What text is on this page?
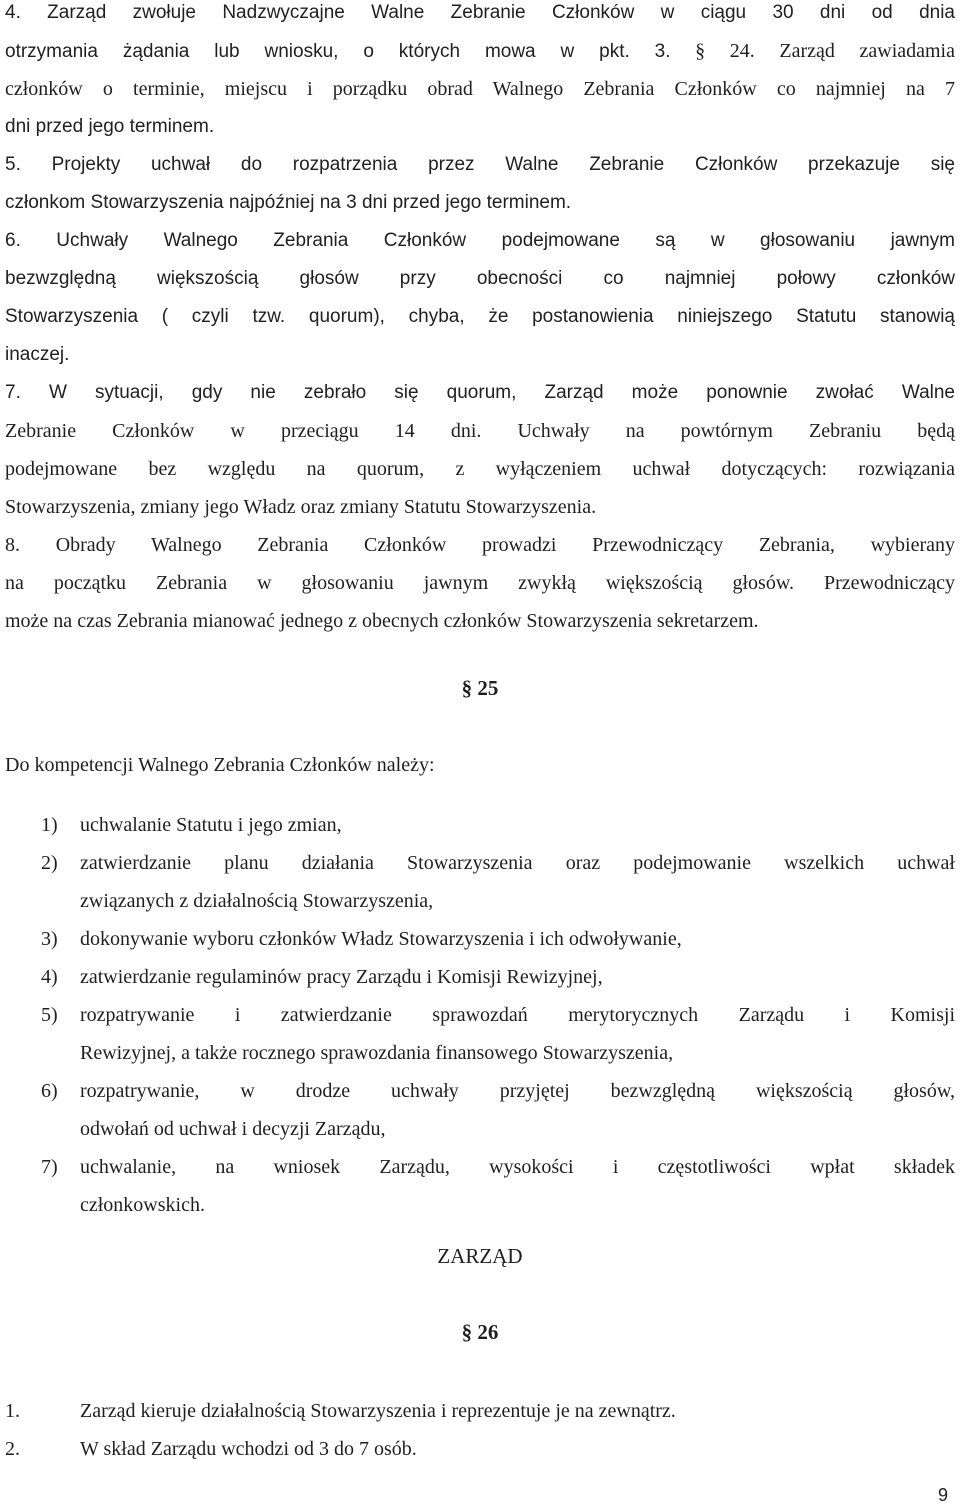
4. Zarząd zwołuje Nadzwyczajne Walne Zebranie Członków w ciągu 30 dni od dnia
otrzymania żądania lub wniosku, o których mowa w pkt. 3. § 24. Zarząd zawiadamia
członków o terminie, miejscu i porządku obrad Walnego Zebrania Członków co najmniej na 7
dni przed jego terminem.
5. Projekty uchwał do rozpatrzenia przez Walne Zebranie Członków przekazuje się
członkom Stowarzyszenia najpóźniej na 3 dni przed jego terminem.
6. Uchwały Walnego Zebrania Członków podejmowane są w głosowaniu jawnym
bezwzględną większością głosów przy obecności co najmniej połowy członków
Stowarzyszenia ( czyli tzw. quorum), chyba, że postanowienia niniejszego Statutu stanowią
inaczej.
7. W sytuacji, gdy nie zebrało się quorum, Zarząd może ponownie zwołać Walne
Zebranie Członków w przeciągu 14 dni. Uchwały na powtórnym Zebraniu będą
podejmowane bez względu na quorum, z wyłączeniem uchwał dotyczących: rozwiązania
Stowarzyszenia, zmiany jego Władz oraz zmiany Statutu Stowarzyszenia.
8. Obrady Walnego Zebrania Członków prowadzi Przewodniczący Zebrania, wybierany
na początku Zebrania w głosowaniu jawnym zwykłą większością głosów. Przewodniczący
może na czas Zebrania mianować jednego z obecnych członków Stowarzyszenia sekretarzem.
§ 25
Do kompetencji Walnego Zebrania Członków należy:
1) uchwalanie Statutu i jego zmian,
2) zatwierdzanie planu działania Stowarzyszenia oraz podejmowanie wszelkich uchwał
związanych z działalnością Stowarzyszenia,
3) dokonywanie wyboru członków Władz Stowarzyszenia i ich odwoływanie,
4) zatwierdzanie regulaminów pracy Zarządu i Komisji Rewizyjnej,
5) rozpatrywanie i zatwierdzanie sprawozdań merytorycznych Zarządu i Komisji
Rewizyjnej, a także rocznego sprawozdania finansowego Stowarzyszenia,
6) rozpatrywanie, w drodze uchwały przyjętej bezwzględną większością głosów,
odwołań od uchwał i decyzji Zarządu,
7) uchwalanie, na wniosek Zarządu, wysokości i częstotliwości wpłat składek
członkowskich.
ZARZĄD
§ 26
1.	Zarząd kieruje działalnością Stowarzyszenia i reprezentuje je na zewnątrz.
2.	W skład Zarządu wchodzi od 3 do 7 osób.
9
